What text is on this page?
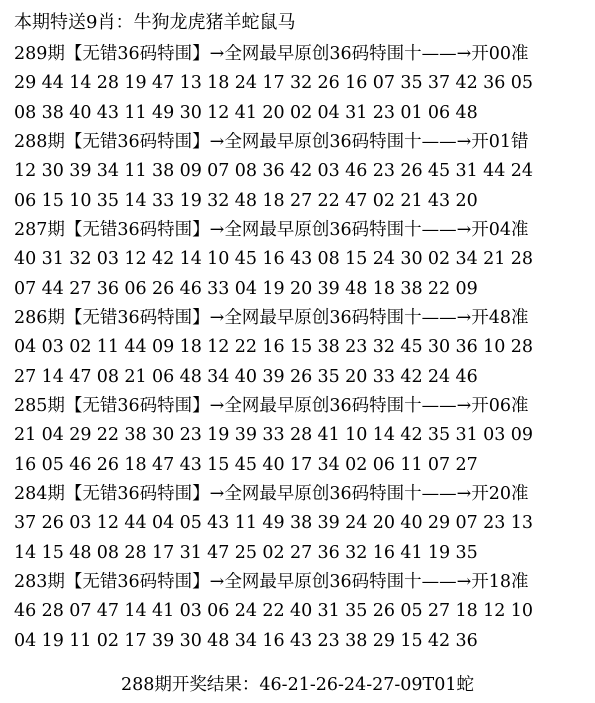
本期特送9肖：牛狗龙虎猪羊蛇鼠马
289期【无错36码特围】→全网最早原创36码特围十——→开00准
29 44 14 28 19 47 13 18 24 17 32 26 16 07 35 37 42 36 05
08 38 40 43 11 49 30 12 41 20 02 04 31 23 01 06 48
288期【无错36码特围】→全网最早原创36码特围十——→开01错
12 30 39 34 11 38 09 07 08 36 42 03 46 23 26 45 31 44 24
06 15 10 35 14 33 19 32 48 18 27 22 47 02 21 43 20
287期【无错36码特围】→全网最早原创36码特围十——→开04准
40 31 32 03 12 42 14 10 45 16 43 08 15 24 30 02 34 21 28
07 44 27 36 06 26 46 33 04 19 20 39 48 18 38 22 09
286期【无错36码特围】→全网最早原创36码特围十——→开48准
04 03 02 11 44 09 18 12 22 16 15 38 23 32 45 30 36 10 28
27 14 47 08 21 06 48 34 40 39 26 35 20 33 42 24 46
285期【无错36码特围】→全网最早原创36码特围十——→开06准
21 04 29 22 38 30 23 19 39 33 28 41 10 14 42 35 31 03 09
16 05 46 26 18 47 43 15 45 40 17 34 02 06 11 07 27
284期【无错36码特围】→全网最早原创36码特围十——→开20准
37 26 03 12 44 04 05 43 11 49 38 39 24 20 40 29 07 23 13
14 15 48 08 28 17 31 47 25 02 27 36 32 16 41 19 35
283期【无错36码特围】→全网最早原创36码特围十——→开18准
46 28 07 47 14 41 03 06 24 22 40 31 35 26 05 27 18 12 10
04 19 11 02 17 39 30 48 34 16 43 23 38 29 15 42 36
288期开奖结果：46-21-26-24-27-09T01蛇
